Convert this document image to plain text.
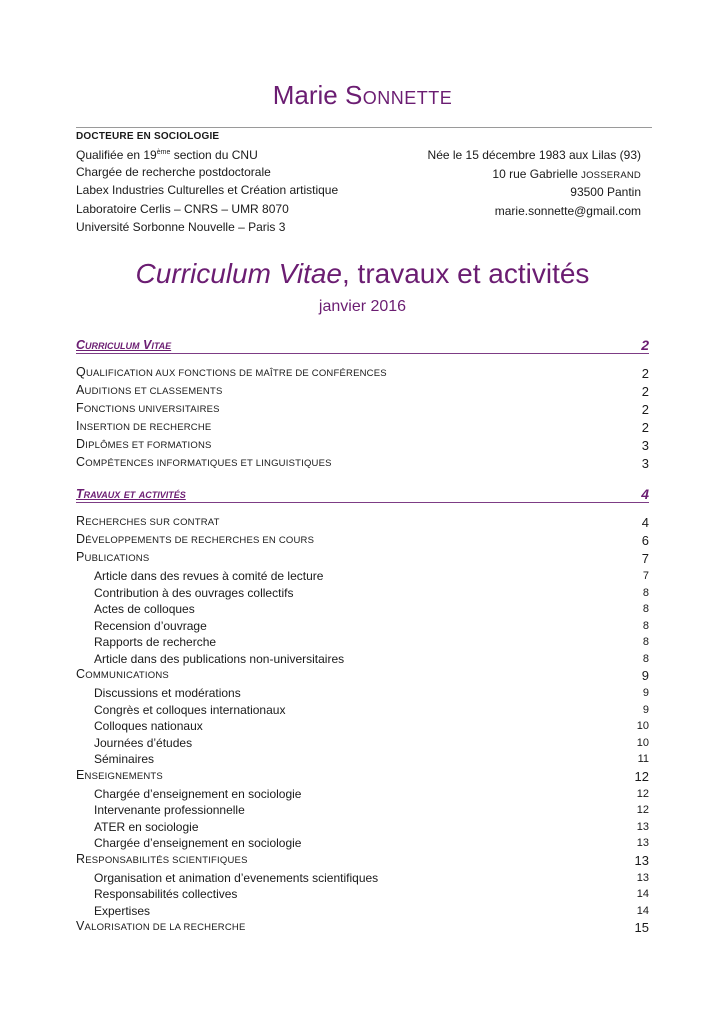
Marie Sonnette
DOCTEURE EN SOCIOLOGIE
Qualifiée en 19ème section du CNU
Chargée de recherche postdoctorale
Labex Industries Culturelles et Création artistique
Laboratoire Cerlis – CNRS – UMR 8070
Université Sorbonne Nouvelle – Paris 3
Née le 15 décembre 1983 aux Lilas (93)
10 rue Gabrielle JOSSERAND
93500 Pantin
marie.sonnette@gmail.com
Curriculum Vitae, travaux et activités
janvier 2016
Curriculum Vitae	2
QUALIFICATION AUX FONCTIONS DE MAÎTRE DE CONFÉRENCES	2
AUDITIONS ET CLASSEMENTS	2
FONCTIONS UNIVERSITAIRES	2
INSERTION DE RECHERCHE	2
DIPLÔMES ET FORMATIONS	3
COMPÉTENCES INFORMATIQUES ET LINGUISTIQUES	3
Travaux et activités	4
RECHERCHES SUR CONTRAT	4
DÉVELOPPEMENTS DE RECHERCHES EN COURS	6
PUBLICATIONS	7
Article dans des revues à comité de lecture	7
Contribution à des ouvrages collectifs	8
Actes de colloques	8
Recension d’ouvrage	8
Rapports de recherche	8
Article dans des publications non-universitaires	8
COMMUNICATIONS	9
Discussions et modérations	9
Congrès et colloques internationaux	9
Colloques nationaux	10
Journées d’études	10
Séminaires	11
ENSEIGNEMENTS	12
Chargée d’enseignement en sociologie	12
Intervenante professionnelle	12
ATER en sociologie	13
Chargée d’enseignement en sociologie	13
RESPONSABILITÉS SCIENTIFIQUES	13
Organisation et animation d’evenements scientifiques	13
Responsabilités collectives	14
Expertises	14
VALORISATION DE LA RECHERCHE	15
